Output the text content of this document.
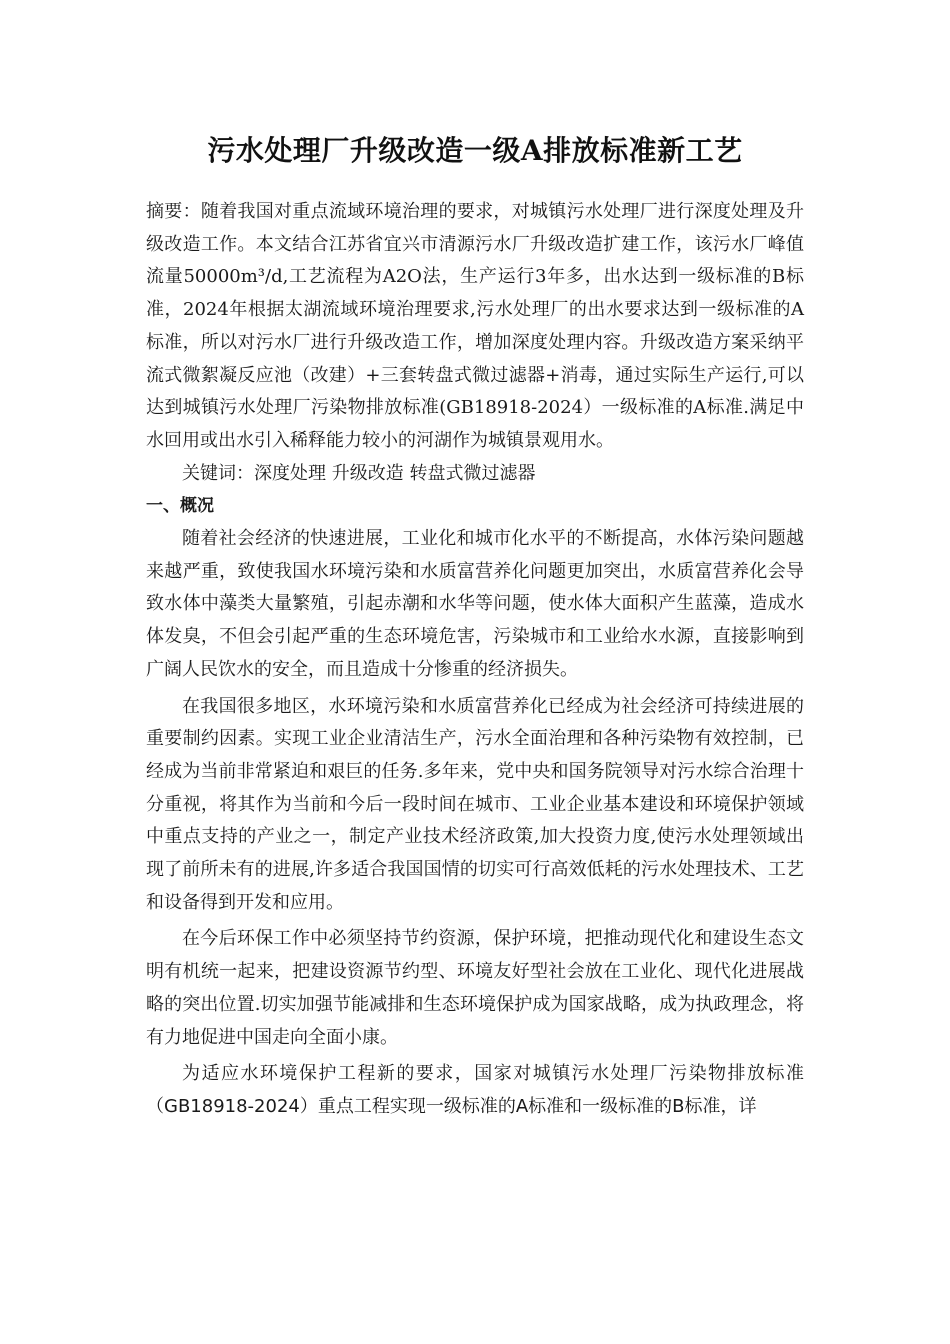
污水处理厂升级改造一级A排放标准新工艺

摘要：随着我国对重点流域环境治理的要求，对城镇污水处理厂进行深度处理及升级改造工作。本文结合江苏省宜兴市清源污水厂升级改造扩建工作，该污水厂峰值流量50000m³/d,工艺流程为A2O法，生产运行3年多，出水达到一级标准的B标准，2024年根据太湖流域环境治理要求,污水处理厂的出水要求达到一级标准的A标准，所以对污水厂进行升级改造工作，增加深度处理内容。升级改造方案采纳平流式微絮凝反应池（改建）+三套转盘式微过滤器+消毒，通过实际生产运行,可以达到城镇污水处理厂污染物排放标准(GB18918-2024）一级标准的A标准.满足中水回用或出水引入稀释能力较小的河湖作为城镇景观用水。

关键词：深度处理 升级改造 转盘式微过滤器

一、概况

随着社会经济的快速进展，工业化和城市化水平的不断提高，水体污染问题越来越严重，致使我国水环境污染和水质富营养化问题更加突出，水质富营养化会导致水体中藻类大量繁殖，引起赤潮和水华等问题，使水体大面积产生蓝藻，造成水体发臭，不但会引起严重的生态环境危害，污染城市和工业给水水源，直接影响到广阔人民饮水的安全，而且造成十分惨重的经济损失。

在我国很多地区，水环境污染和水质富营养化已经成为社会经济可持续进展的重要制约因素。实现工业企业清洁生产，污水全面治理和各种污染物有效控制，已经成为当前非常紧迫和艰巨的任务.多年来，党中央和国务院领导对污水综合治理十分重视，将其作为当前和今后一段时间在城市、工业企业基本建设和环境保护领域中重点支持的产业之一，制定产业技术经济政策,加大投资力度,使污水处理领域出现了前所未有的进展,许多适合我国国情的切实可行高效低耗的污水处理技术、工艺和设备得到开发和应用。

在今后环保工作中必须坚持节约资源，保护环境，把推动现代化和建设生态文明有机统一起来，把建设资源节约型、环境友好型社会放在工业化、现代化进展战略的突出位置.切实加强节能减排和生态环境保护成为国家战略，成为执政理念，将有力地促进中国走向全面小康。

为适应水环境保护工程新的要求，国家对城镇污水处理厂污染物排放标准（GB18918-2024）重点工程实现一级标准的A标准和一级标准的B标准，详
